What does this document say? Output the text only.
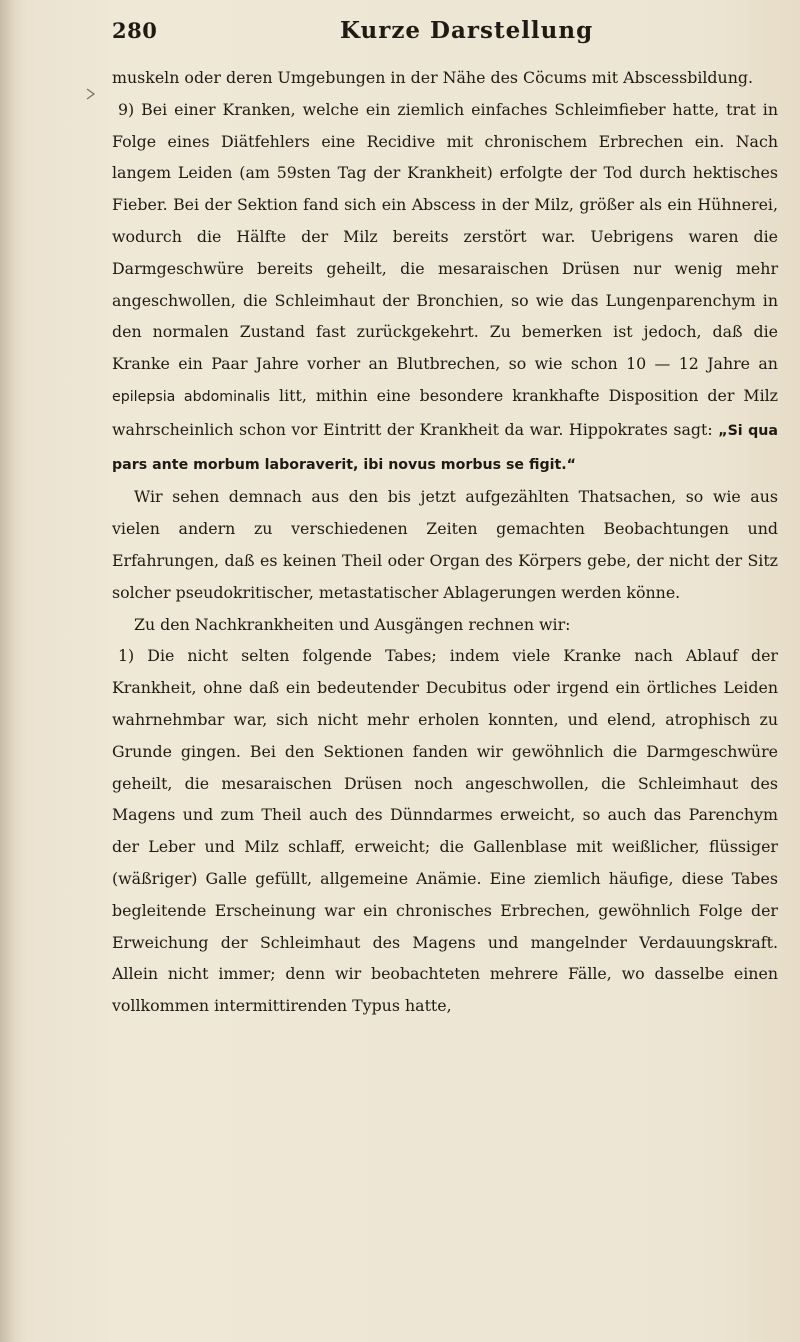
280	Kurze Darstellung

muskeln oder deren Umgebungen in der Nähe des Cöcums mit Abscessbildung.

9) Bei einer Kranken, welche ein ziemlich einfaches Schleimfieber hatte, trat in Folge eines Diätfehlers eine Recidive mit chronischem Erbrechen ein. Nach langem Leiden (am 59sten Tag der Krankheit) erfolgte der Tod durch hektisches Fieber. Bei der Sektion fand sich ein Abscess in der Milz, größer als ein Hühnerei, wodurch die Hälfte der Milz bereits zerstört war. Uebrigens waren die Darmgeschwüre bereits geheilt, die mesaraischen Drüsen nur wenig mehr angeschwollen, die Schleimhaut der Bronchien, so wie das Lungenparenchym in den normalen Zustand fast zurückgekehrt. Zu bemerken ist jedoch, daß die Kranke ein Paar Jahre vorher an Blutbrechen, so wie schon 10 — 12 Jahre an epilepsia abdominalis litt, mithin eine besondere krankhafte Disposition der Milz wahrscheinlich schon vor Eintritt der Krankheit da war. Hippokrates sagt: „Si qua pars ante morbum laboraverit, ibi novus morbus se figit.“

Wir sehen demnach aus den bis jetzt aufgezählten Thatsachen, so wie aus vielen andern zu verschiedenen Zeiten gemachten Beobachtungen und Erfahrungen, daß es keinen Theil oder Organ des Körpers gebe, der nicht der Sitz solcher pseudokritischer, metastatischer Ablagerungen werden könne.

Zu den Nachkrankheiten und Ausgängen rechnen wir:

1) Die nicht selten folgende Tabes; indem viele Kranke nach Ablauf der Krankheit, ohne daß ein bedeutender Decubitus oder irgend ein örtliches Leiden wahrnehmbar war, sich nicht mehr erholen konnten, und elend, atrophisch zu Grunde gingen. Bei den Sektionen fanden wir gewöhnlich die Darmgeschwüre geheilt, die mesaraischen Drüsen noch angeschwollen, die Schleimhaut des Magens und zum Theil auch des Dünndarmes erweicht, so auch das Parenchym der Leber und Milz schlaff, erweicht; die Gallenblase mit weißlicher, flüssiger (wäßriger) Galle gefüllt, allgemeine Anämie. Eine ziemlich häufige, diese Tabes begleitende Erscheinung war ein chronisches Erbrechen, gewöhnlich Folge der Erweichung der Schleimhaut des Magens und mangelnder Verdauungskraft. Allein nicht immer; denn wir beobachteten mehrere Fälle, wo dasselbe einen vollkommen intermittirenden Typus hatte,
